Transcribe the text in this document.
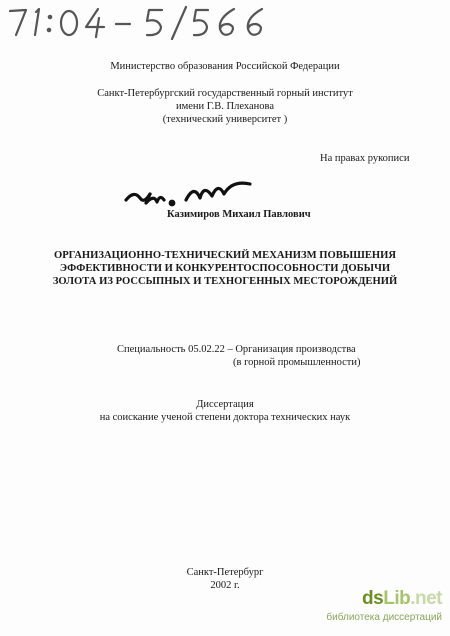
Министерство образования Российской Федерации
Санкт-Петербургский государственный горный институт
имени Г.В. Плеханова
(технический университет )
На правах рукописи
Казимиров Михаил Павлович
ОРГАНИЗАЦИОННО-ТЕХНИЧЕСКИЙ МЕХАНИЗМ ПОВЫШЕНИЯ
ЭФФЕКТИВНОСТИ И КОНКУРЕНТОСПОСОБНОСТИ ДОБЫЧИ
ЗОЛОТА ИЗ РОССЫПНЫХ И ТЕХНОГЕННЫХ МЕСТОРОЖДЕНИЙ
Специальность 05.02.22 – Организация производства
(в горной промышленности)
Диссертация
на соискание ученой степени доктора технических наук
Санкт-Петербург
2002 г.
dsLib.net
библиотека диссертаций
